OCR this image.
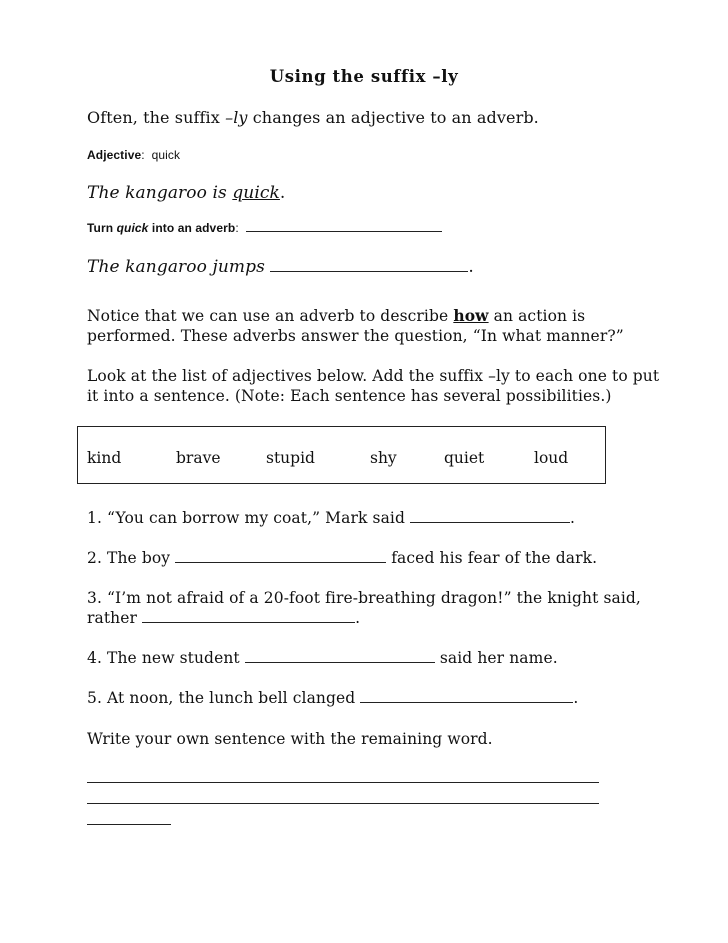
Using the suffix –ly
Often, the suffix –ly changes an adjective to an adverb.
Adjective: quick
The kangaroo is quick.
Turn quick into an adverb:
The kangaroo jumps	.
Notice that we can use an adverb to describe how an action is
performed. These adverbs answer the question, “In what manner?”
Look at the list of adjectives below. Add the suffix –ly to each one to put
it into a sentence. (Note: Each sentence has several possibilities.)
kind	brave	stupid	shy	quiet	loud
1. “You can borrow my coat,” Mark said	.
2. The boy	faced his fear of the dark.
3. “I’m not afraid of a 20-foot fire-breathing dragon!” the knight said,
rather	.
4. The new student	said her name.
5. At noon, the lunch bell clanged	.
Write your own sentence with the remaining word.
